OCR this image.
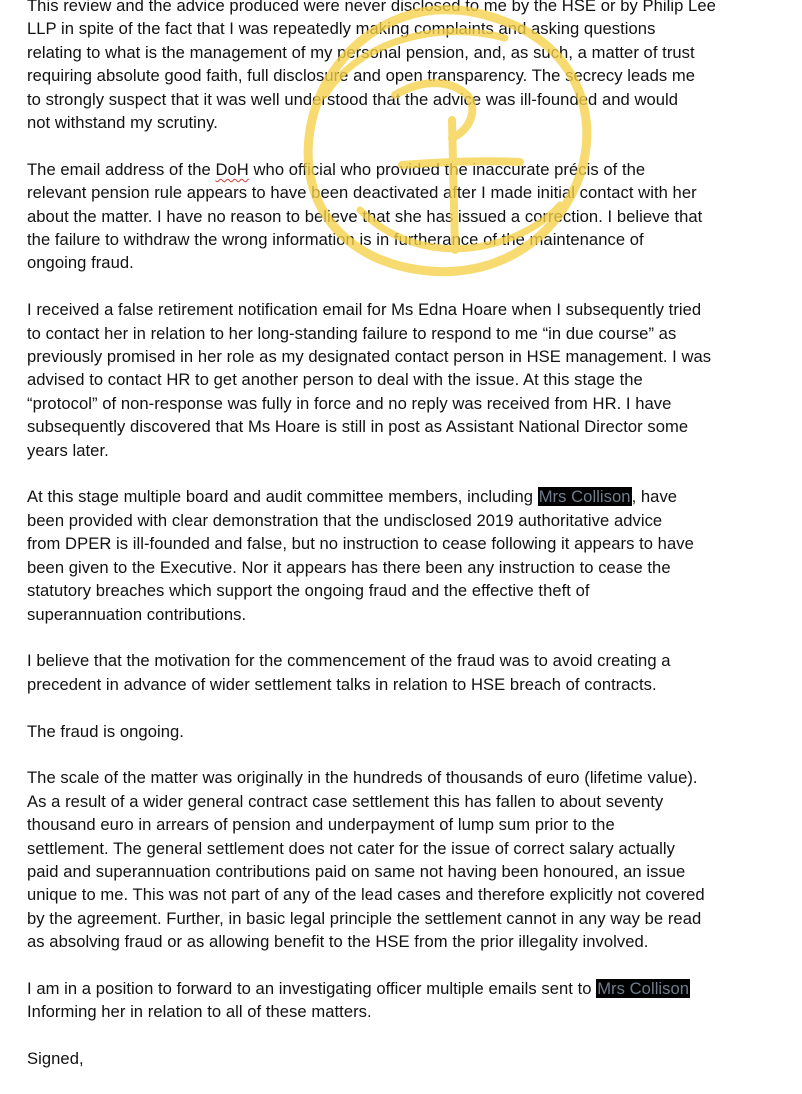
This review and the advice produced were never disclosed to me by the HSE or by Philip Lee
LLP in spite of the fact that I was repeatedly making complaints and asking questions
relating to what is the management of my personal pension, and, as such, a matter of trust
requiring absolute good faith, full disclosure and open transparency. The secrecy leads me
to strongly suspect that it was well understood that the advice was ill-founded and would
not withstand my scrutiny.
The email address of the DoH who official who provided the inaccurate précis of the
relevant pension rule appears to have been deactivated after I made initial contact with her
about the matter. I have no reason to believe that she has issued a correction. I believe that
the failure to withdraw the wrong information is in furtherance of the maintenance of
ongoing fraud.
I received a false retirement notification email for Ms Edna Hoare when I subsequently tried
to contact her in relation to her long-standing failure to respond to me “in due course” as
previously promised in her role as my designated contact person in HSE management. I was
advised to contact HR to get another person to deal with the issue. At this stage the
“protocol” of non-response was fully in force and no reply was received from HR. I have
subsequently discovered that Ms Hoare is still in post as Assistant National Director some
years later.
At this stage multiple board and audit committee members, including Mrs Collison, have
been provided with clear demonstration that the undisclosed 2019 authoritative advice
from DPER is ill-founded and false, but no instruction to cease following it appears to have
been given to the Executive. Nor it appears has there been any instruction to cease the
statutory breaches which support the ongoing fraud and the effective theft of
superannuation contributions.
I believe that the motivation for the commencement of the fraud was to avoid creating a
precedent in advance of wider settlement talks in relation to HSE breach of contracts.
The fraud is ongoing.
The scale of the matter was originally in the hundreds of thousands of euro (lifetime value).
As a result of a wider general contract case settlement this has fallen to about seventy
thousand euro in arrears of pension and underpayment of lump sum prior to the
settlement. The general settlement does not cater for the issue of correct salary actually
paid and superannuation contributions paid on same not having been honoured, an issue
unique to me. This was not part of any of the lead cases and therefore explicitly not covered
by the agreement. Further, in basic legal principle the settlement cannot in any way be read
as absolving fraud or as allowing benefit to the HSE from the prior illegality involved.
I am in a position to forward to an investigating officer multiple emails sent to Mrs Collison
Informing her in relation to all of these matters.
Signed,
